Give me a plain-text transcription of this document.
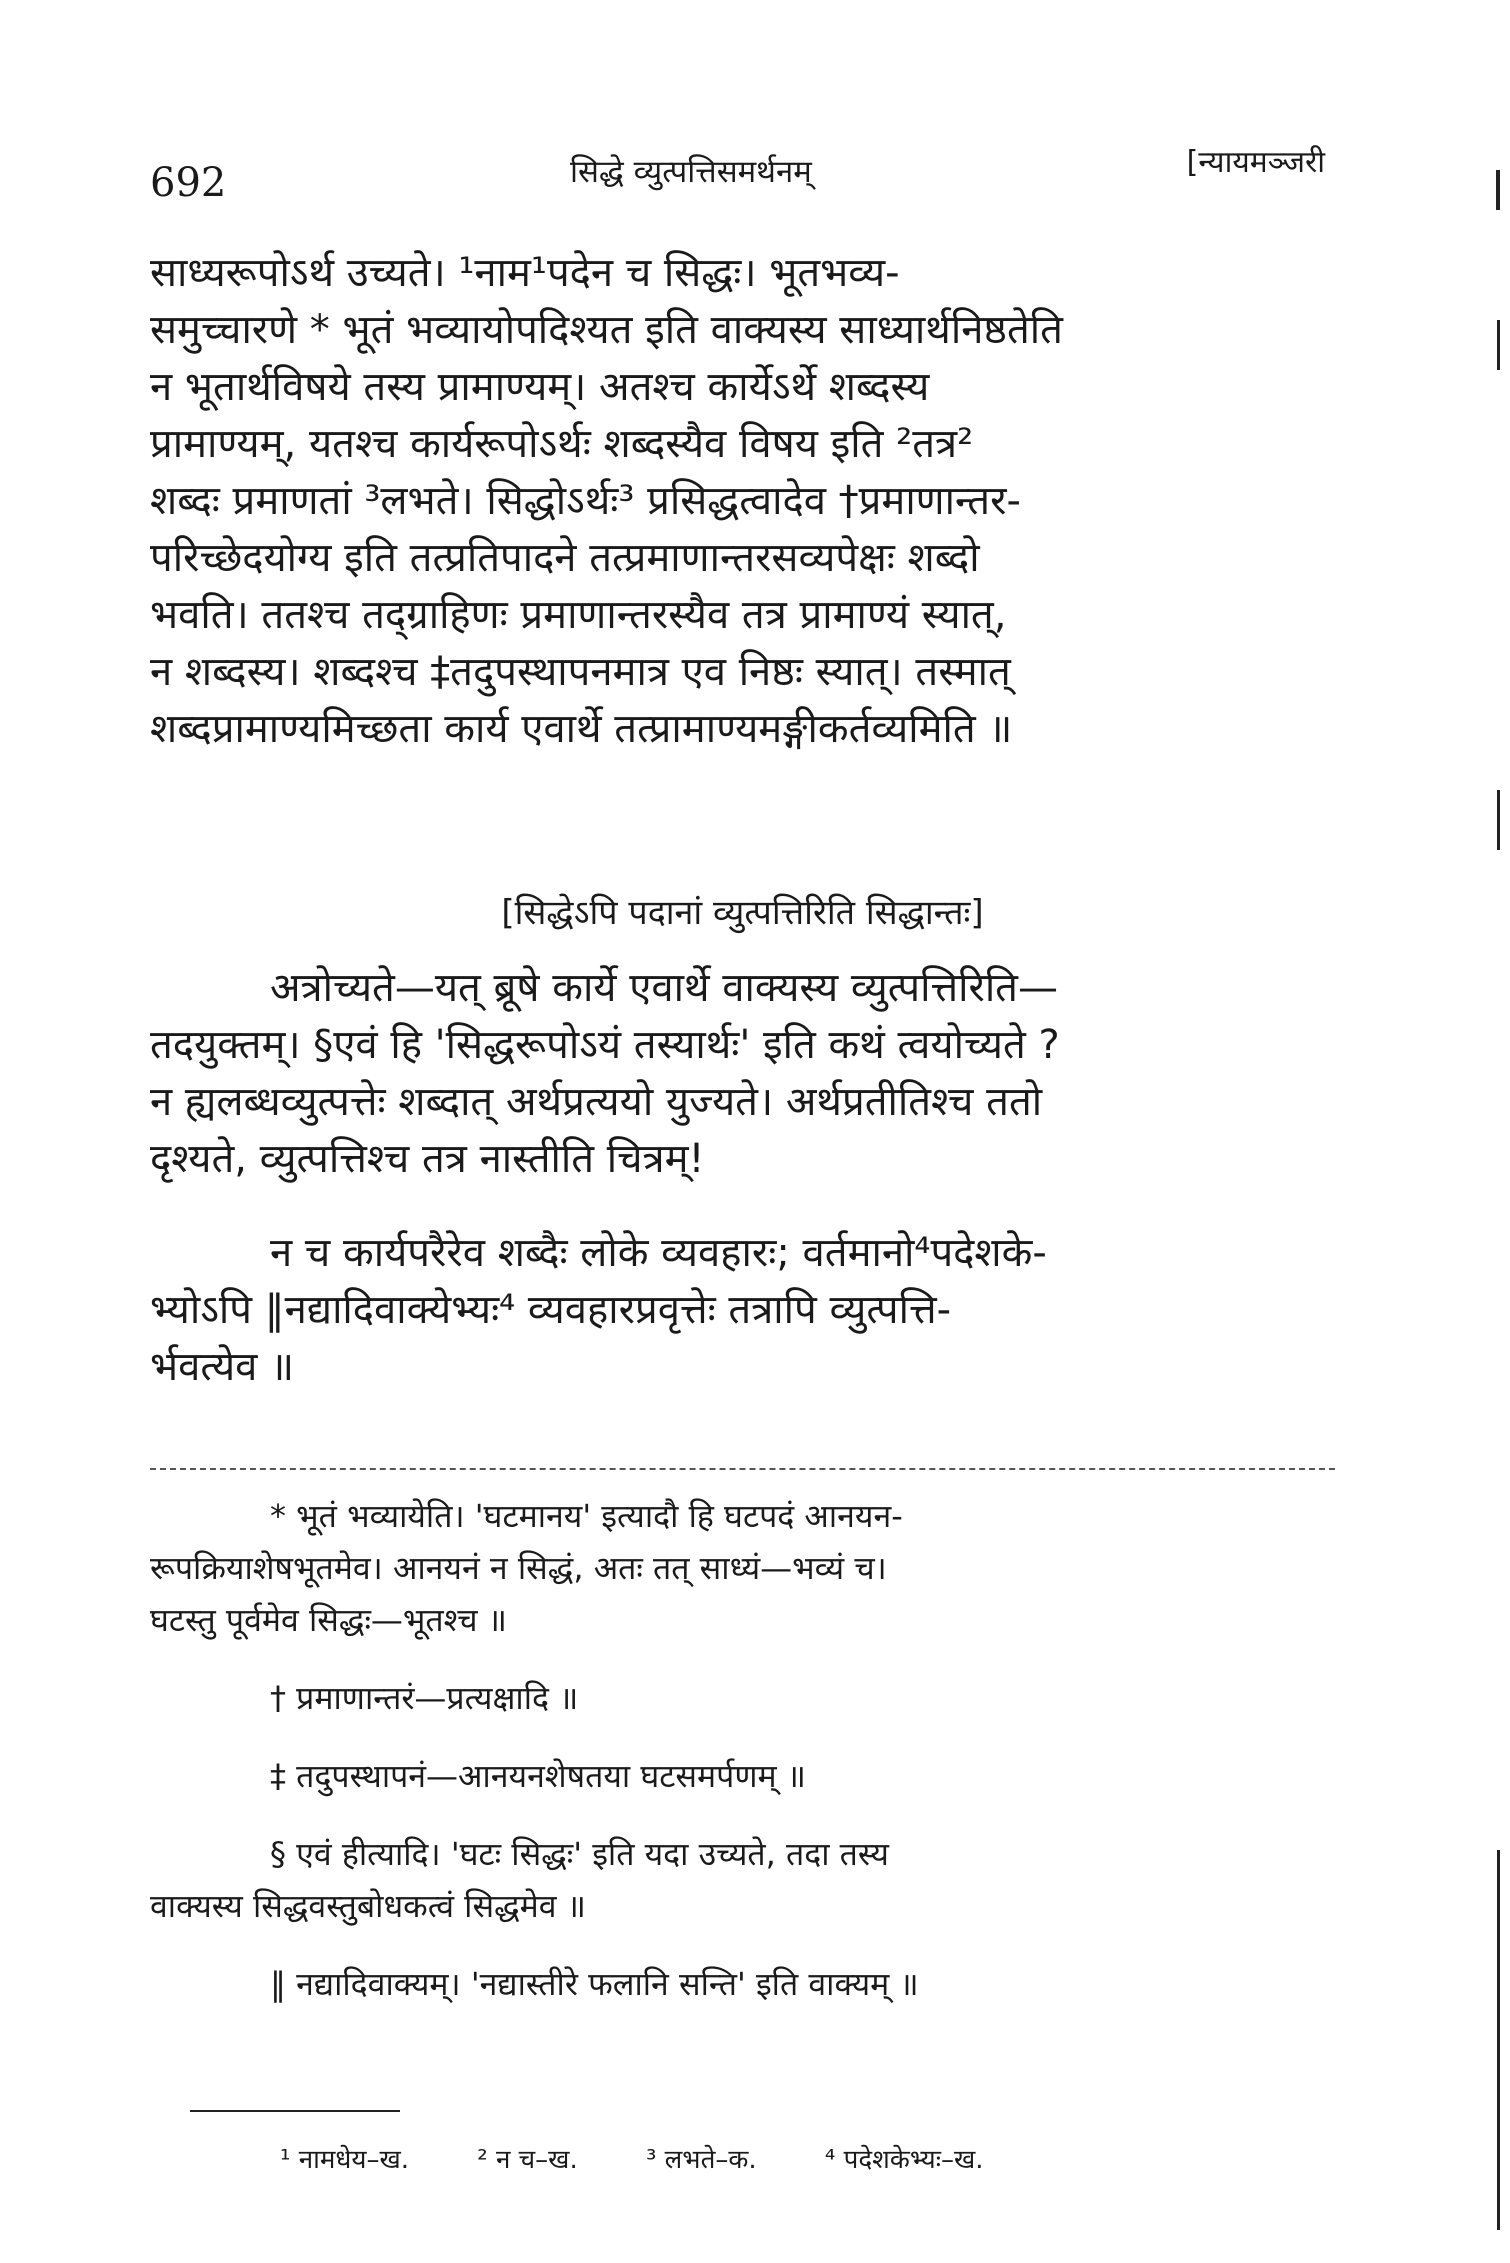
692	सिद्धे व्युत्पत्तिसमर्थनम्	[न्यायमञ्जरी
साध्यरूपोऽर्थ उच्यते। ¹नाम¹पदेन च सिद्धः। भूतभव्य-
समुच्चारणे * भूतं भव्यायोपदिश्यत इति वाक्यस्य साध्यार्थनिष्ठतेति
न भूतार्थविषये तस्य प्रामाण्यम्। अतश्च कार्येऽर्थे शब्दस्य
प्रामाण्यम्, यतश्च कार्यरूपोऽर्थः शब्दस्यैव विषय इति ²तत्र²
शब्दः प्रमाणतां ³लभते। सिद्धोऽर्थः³ प्रसिद्धत्वादेव †प्रमाणान्तर-
परिच्छेदयोग्य इति तत्प्रतिपादने तत्प्रमाणान्तरसव्यपेक्षः शब्दो
भवति। ततश्च तद्ग्राहिणः प्रमाणान्तरस्यैव तत्र प्रामाण्यं स्यात्,
न शब्दस्य। शब्दश्च ‡तदुपस्थापनमात्र एव निष्ठः स्यात्। तस्मात्
शब्दप्रामाण्यमिच्छता कार्य एवार्थे तत्प्रामाण्यमङ्गीकर्तव्यमिति ॥
[सिद्धेऽपि पदानां व्युत्पत्तिरिति सिद्धान्तः]
अत्रोच्यते—यत् ब्रूषे कार्ये एवार्थे वाक्यस्य व्युत्पत्तिरिति—
तदयुक्तम्। §एवं हि 'सिद्धरूपोऽयं तस्यार्थः' इति कथं त्वयोच्यते ?
न ह्यलब्धव्युत्पत्तेः शब्दात् अर्थप्रत्ययो युज्यते। अर्थप्रतीतिश्च ततो
दृश्यते, व्युत्पत्तिश्च तत्र नास्तीति चित्रम्!
न च कार्यपरैरेव शब्दैः लोके व्यवहारः; वर्तमानो⁴पदेशके-
भ्योऽपि ‖नद्यादिवाक्येभ्यः⁴ व्यवहारप्रवृत्तेः तत्रापि व्युत्पत्ति-
र्भवत्येव ॥
* भूतं भव्यायेति। 'घटमानय' इत्यादौ हि घटपदं आनयन-
रूपक्रियाशेषभूतमेव। आनयनं न सिद्धं, अतः तत् साध्यं—भव्यं च।
घटस्तु पूर्वमेव सिद्धः—भूतश्च ॥
† प्रमाणान्तरं—प्रत्यक्षादि ॥
‡ तदुपस्थापनं—आनयनशेषतया घटसमर्पणम् ॥
§ एवं हीत्यादि। 'घटः सिद्धः' इति यदा उच्यते, तदा तस्य
वाक्यस्य सिद्धवस्तुबोधकत्वं सिद्धमेव ॥
‖ नद्यादिवाक्यम्। 'नद्यास्तीरे फलानि सन्ति' इति वाक्यम् ॥
¹ नामधेय–ख.	² न च–ख.	³ लभते–क.	⁴ पदेशकेभ्यः–ख.
